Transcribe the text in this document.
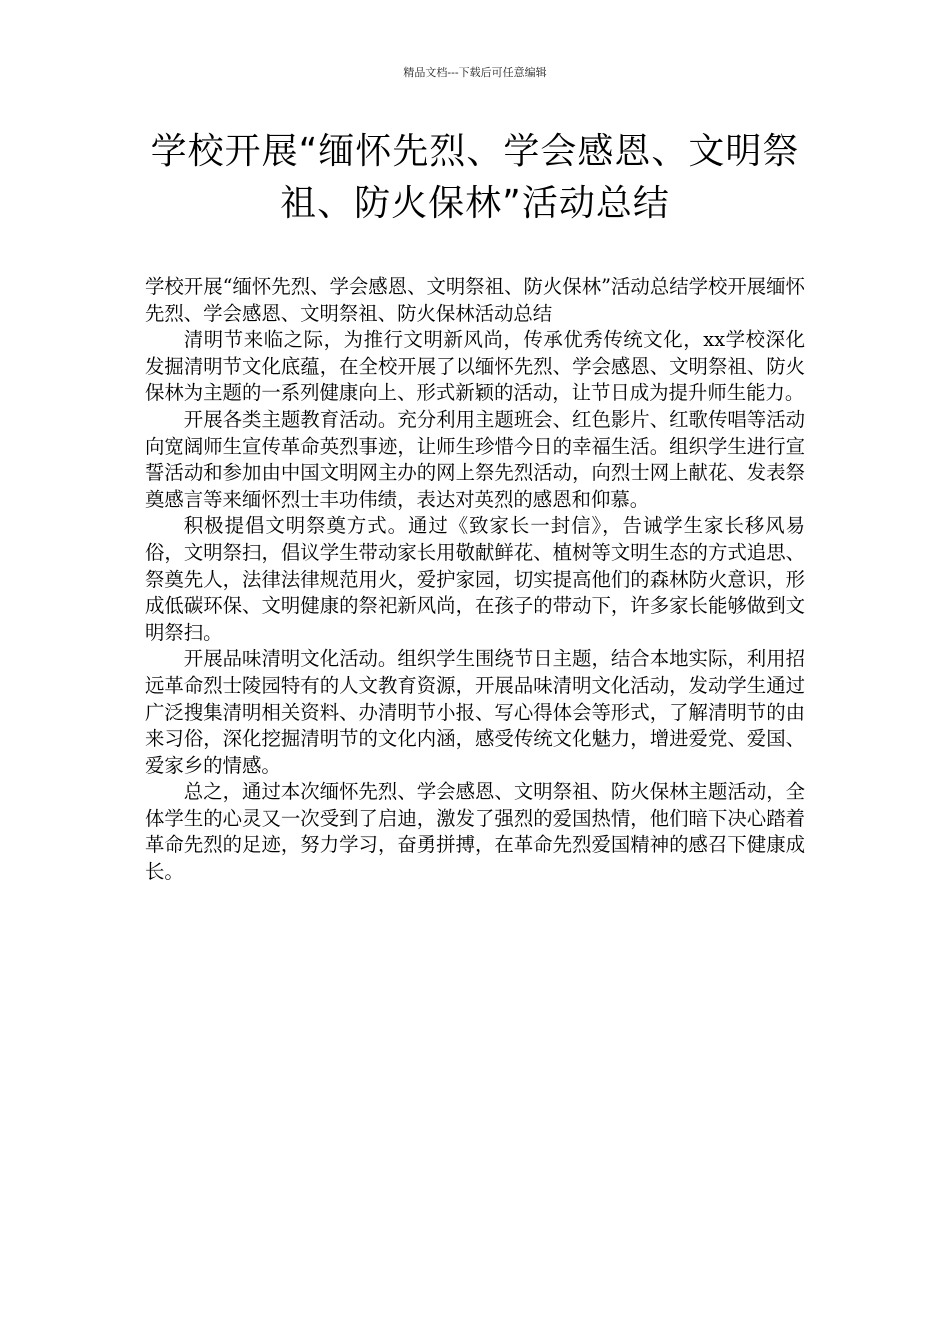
精品文档---下载后可任意编辑
学校开展“缅怀先烈、学会感恩、文明祭祖、防火保林”活动总结

学校开展“缅怀先烈、学会感恩、文明祭祖、防火保林”活动总结学校开展缅怀先烈、学会感恩、文明祭祖、防火保林活动总结

清明节来临之际，为推行文明新风尚，传承优秀传统文化，xx学校深化发掘清明节文化底蕴，在全校开展了以缅怀先烈、学会感恩、文明祭祖、防火保林为主题的一系列健康向上、形式新颖的活动，让节日成为提升师生能力。

开展各类主题教育活动。充分利用主题班会、红色影片、红歌传唱等活动向宽阔师生宣传革命英烈事迹，让师生珍惜今日的幸福生活。组织学生进行宣誓活动和参加由中国文明网主办的网上祭先烈活动，向烈士网上献花、发表祭奠感言等来缅怀烈士丰功伟绩，表达对英烈的感恩和仰慕。

积极提倡文明祭奠方式。通过《致家长一封信》，告诫学生家长移风易俗，文明祭扫，倡议学生带动家长用敬献鲜花、植树等文明生态的方式追思、祭奠先人，法律法律规范用火，爱护家园，切实提高他们的森林防火意识，形成低碳环保、文明健康的祭祀新风尚，在孩子的带动下，许多家长能够做到文明祭扫。

开展品味清明文化活动。组织学生围绕节日主题，结合本地实际，利用招远革命烈士陵园特有的人文教育资源，开展品味清明文化活动，发动学生通过广泛搜集清明相关资料、办清明节小报、写心得体会等形式，了解清明节的由来习俗，深化挖掘清明节的文化内涵，感受传统文化魅力，增进爱党、爱国、爱家乡的情感。

总之，通过本次缅怀先烈、学会感恩、文明祭祖、防火保林主题活动，全体学生的心灵又一次受到了启迪，激发了强烈的爱国热情，他们暗下决心踏着革命先烈的足迹，努力学习，奋勇拼搏，在革命先烈爱国精神的感召下健康成长。
